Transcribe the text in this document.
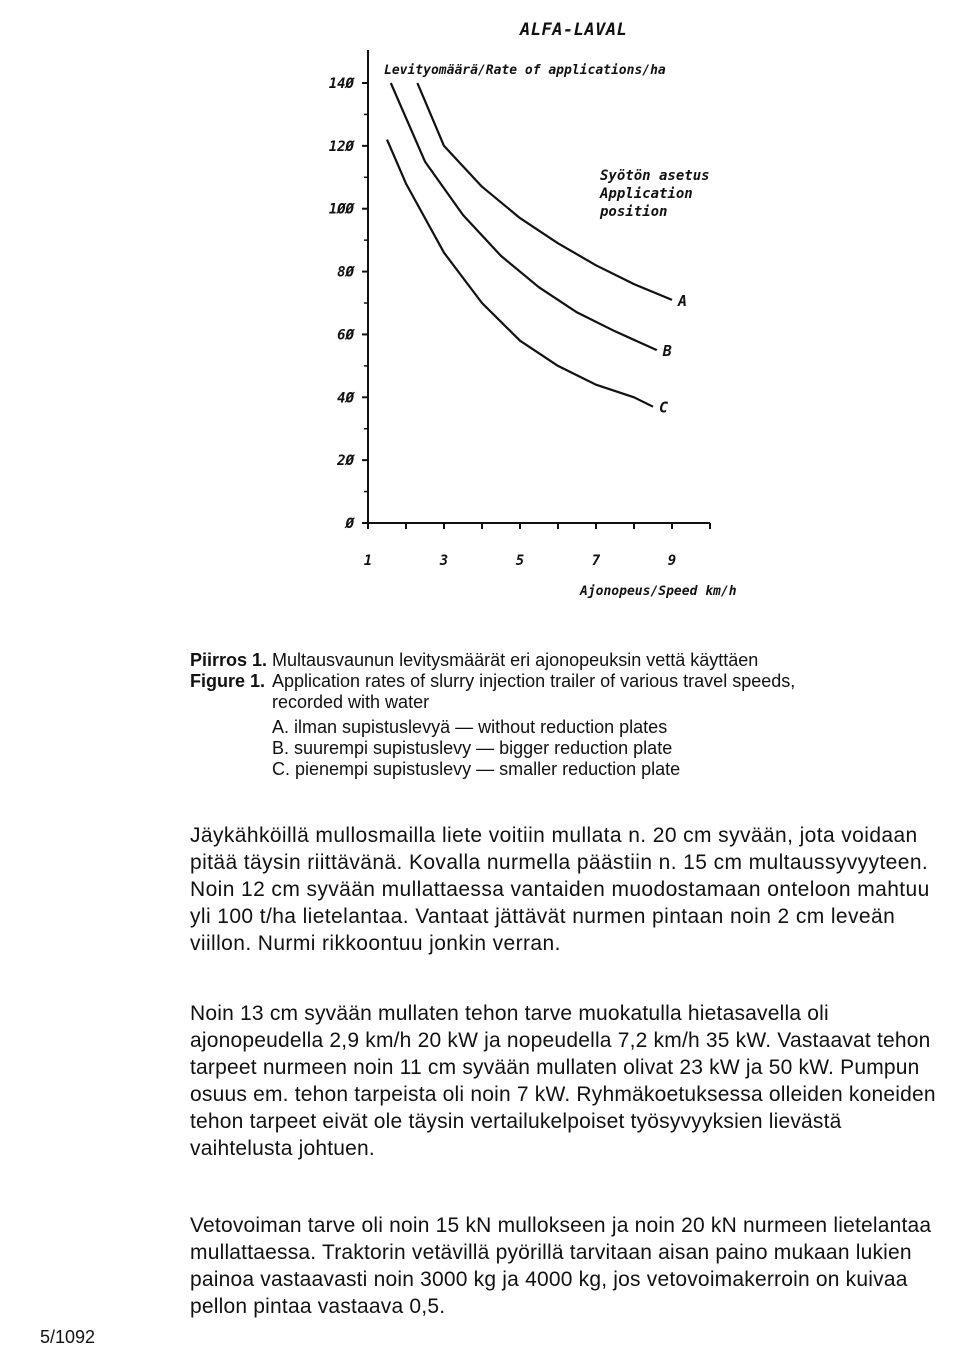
ALFA-LAVAL
Ø
2Ø
4Ø
6Ø
8Ø
1ØØ
12Ø
14Ø
1	3	5	7	9
Levityomäärä/Rate of applications/ha
Ajonopeus/Speed km/h
Syötön asetus
Application
position
A
B
C
Piirros 1. Multausvaunun levitysmäärät eri ajonopeuksin vettä käyttäen
Figure 1. Application rates of slurry injection trailer of various travel speeds,
recorded with water
A. ilman supistuslevyä — without reduction plates
B. suurempi supistuslevy — bigger reduction plate
C. pienempi supistuslevy — smaller reduction plate
Jäykähköillä mullosmailla liete voitiin mullata n. 20 cm syvään, jota voidaan pitää täysin riittävänä. Kovalla nurmella päästiin n. 15 cm multaussyvyyteen. Noin 12 cm syvään mullattaessa vantaiden muodostamaan onteloon mahtuu yli 100 t/ha lietelantaa. Vantaat jättävät nurmen pintaan noin 2 cm leveän viillon. Nurmi rikkoontuu jonkin verran.
Noin 13 cm syvään mullaten tehon tarve muokatulla hietasavella oli ajonopeudella 2,9 km/h 20 kW ja nopeudella 7,2 km/h 35 kW. Vastaavat tehon tarpeet nurmeen noin 11 cm syvään mullaten olivat 23 kW ja 50 kW. Pumpun osuus em. tehon tarpeista oli noin 7 kW. Ryhmäkoetuksessa olleiden koneiden tehon tarpeet eivät ole täysin vertailukelpoiset työsyvyyksien lievästä vaihtelusta johtuen.
Vetovoiman tarve oli noin 15 kN mullokseen ja noin 20 kN nurmeen lietelantaa mullattaessa. Traktorin vetävillä pyörillä tarvitaan aisan paino mukaan lukien painoa vastaavasti noin 3000 kg ja 4000 kg, jos vetovoimakerroin on kuivaa pellon pintaa vastaava 0,5.
5/1092
